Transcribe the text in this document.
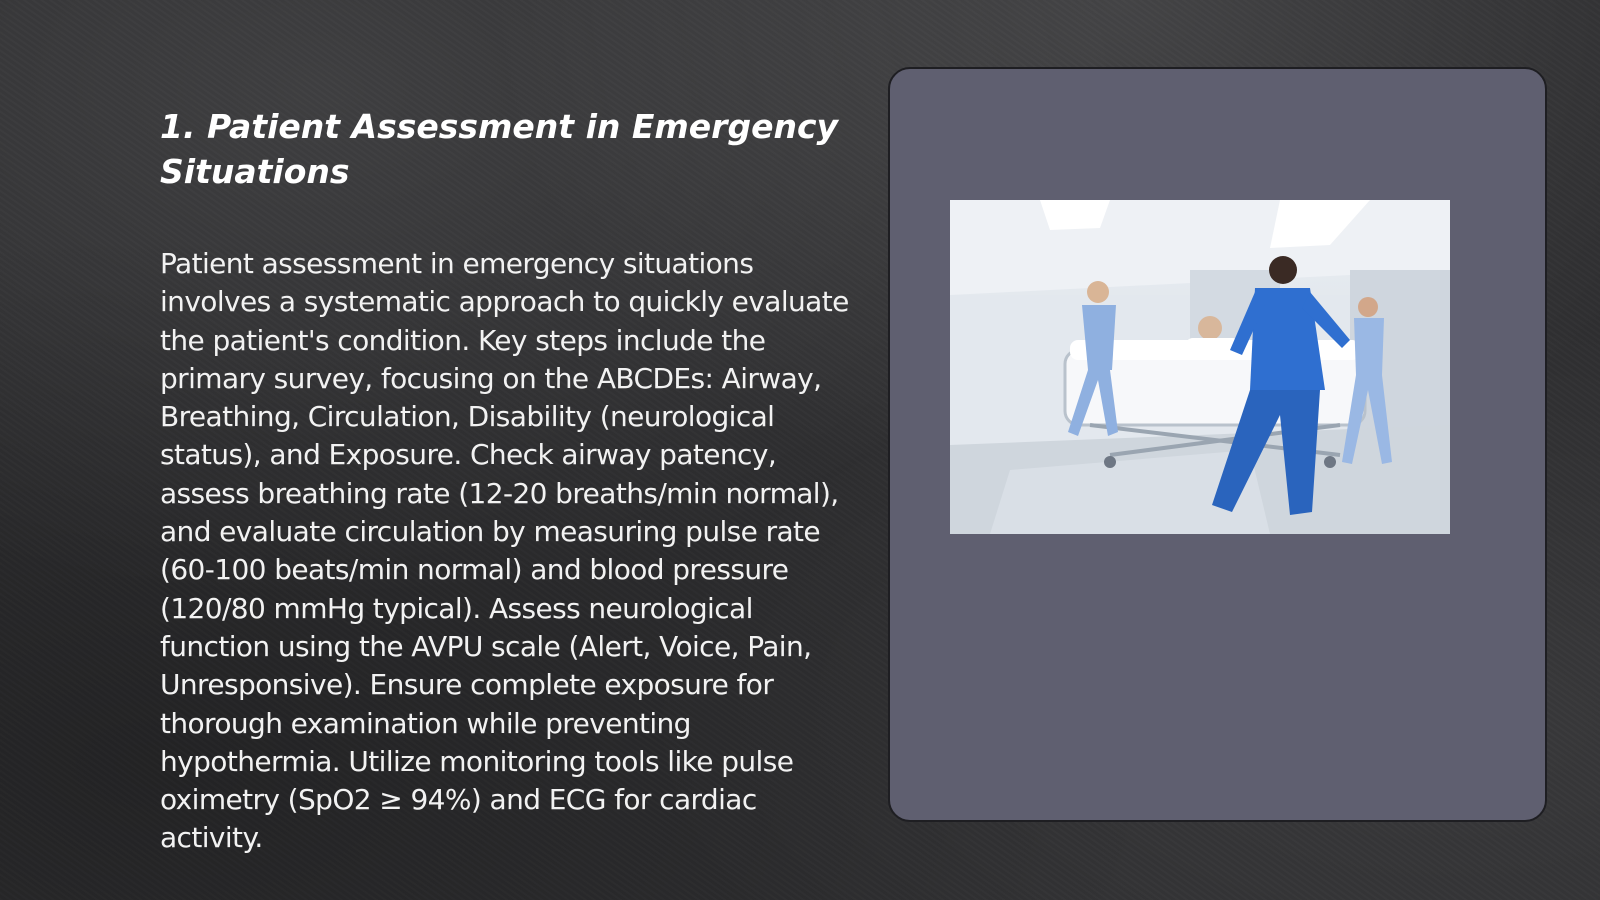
1. Patient Assessment in Emergency Situations

Patient assessment in emergency situations involves a systematic approach to quickly evaluate the patient's condition. Key steps include the primary survey, focusing on the ABCDEs: Airway, Breathing, Circulation, Disability (neurological status), and Exposure. Check airway patency, assess breathing rate (12-20 breaths/min normal), and evaluate circulation by measuring pulse rate (60-100 beats/min normal) and blood pressure (120/80 mmHg typical). Assess neurological function using the AVPU scale (Alert, Voice, Pain, Unresponsive). Ensure complete exposure for thorough examination while preventing hypothermia. Utilize monitoring tools like pulse oximetry (SpO2 ≥ 94%) and ECG for cardiac activity.
